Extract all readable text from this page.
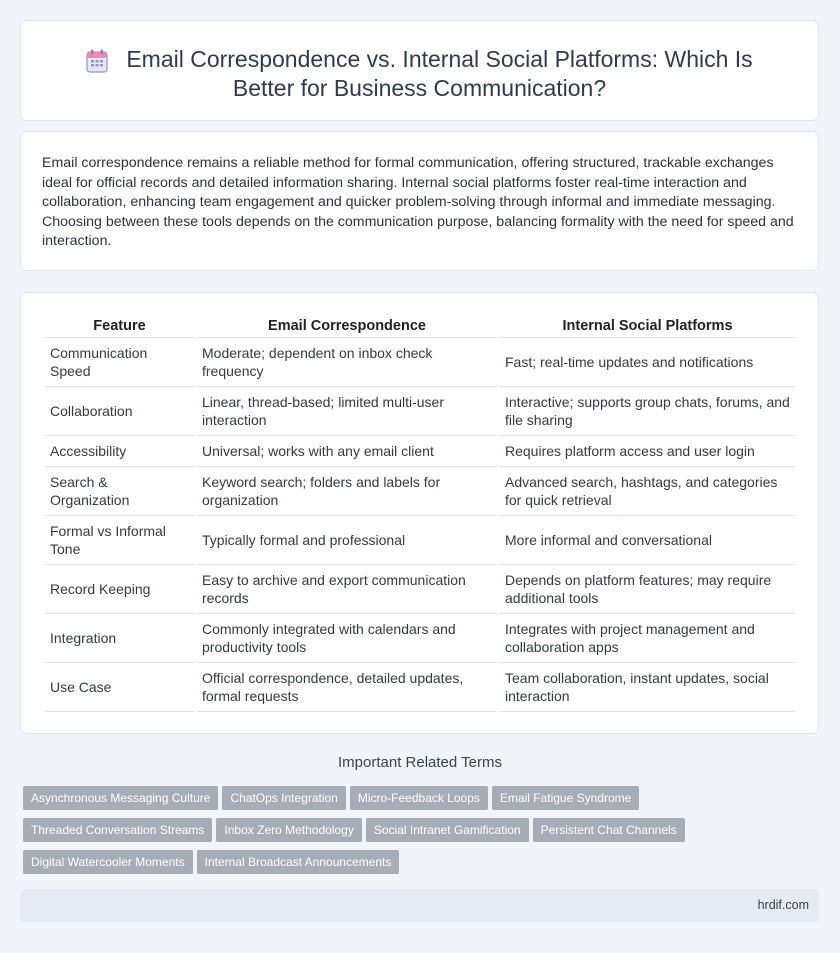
Email Correspondence vs. Internal Social Platforms: Which Is Better for Business Communication?

Email correspondence remains a reliable method for formal communication, offering structured, trackable exchanges ideal for official records and detailed information sharing. Internal social platforms foster real-time interaction and collaboration, enhancing team engagement and quicker problem-solving through informal and immediate messaging. Choosing between these tools depends on the communication purpose, balancing formality with the need for speed and interaction.

Feature	Email Correspondence	Internal Social Platforms
Communication Speed	Moderate; dependent on inbox check frequency	Fast; real-time updates and notifications
Collaboration	Linear, thread-based; limited multi-user interaction	Interactive; supports group chats, forums, and file sharing
Accessibility	Universal; works with any email client	Requires platform access and user login
Search & Organization	Keyword search; folders and labels for organization	Advanced search, hashtags, and categories for quick retrieval
Formal vs Informal Tone	Typically formal and professional	More informal and conversational
Record Keeping	Easy to archive and export communication records	Depends on platform features; may require additional tools
Integration	Commonly integrated with calendars and productivity tools	Integrates with project management and collaboration apps
Use Case	Official correspondence, detailed updates, formal requests	Team collaboration, instant updates, social interaction
Important Related Terms
Asynchronous Messaging Culture	ChatOps Integration	Micro-Feedback Loops	Email Fatigue Syndrome
Threaded Conversation Streams	Inbox Zero Methodology	Social Intranet Gamification	Persistent Chat Channels
Digital Watercooler Moments	Internal Broadcast Announcements
hrdif.com
